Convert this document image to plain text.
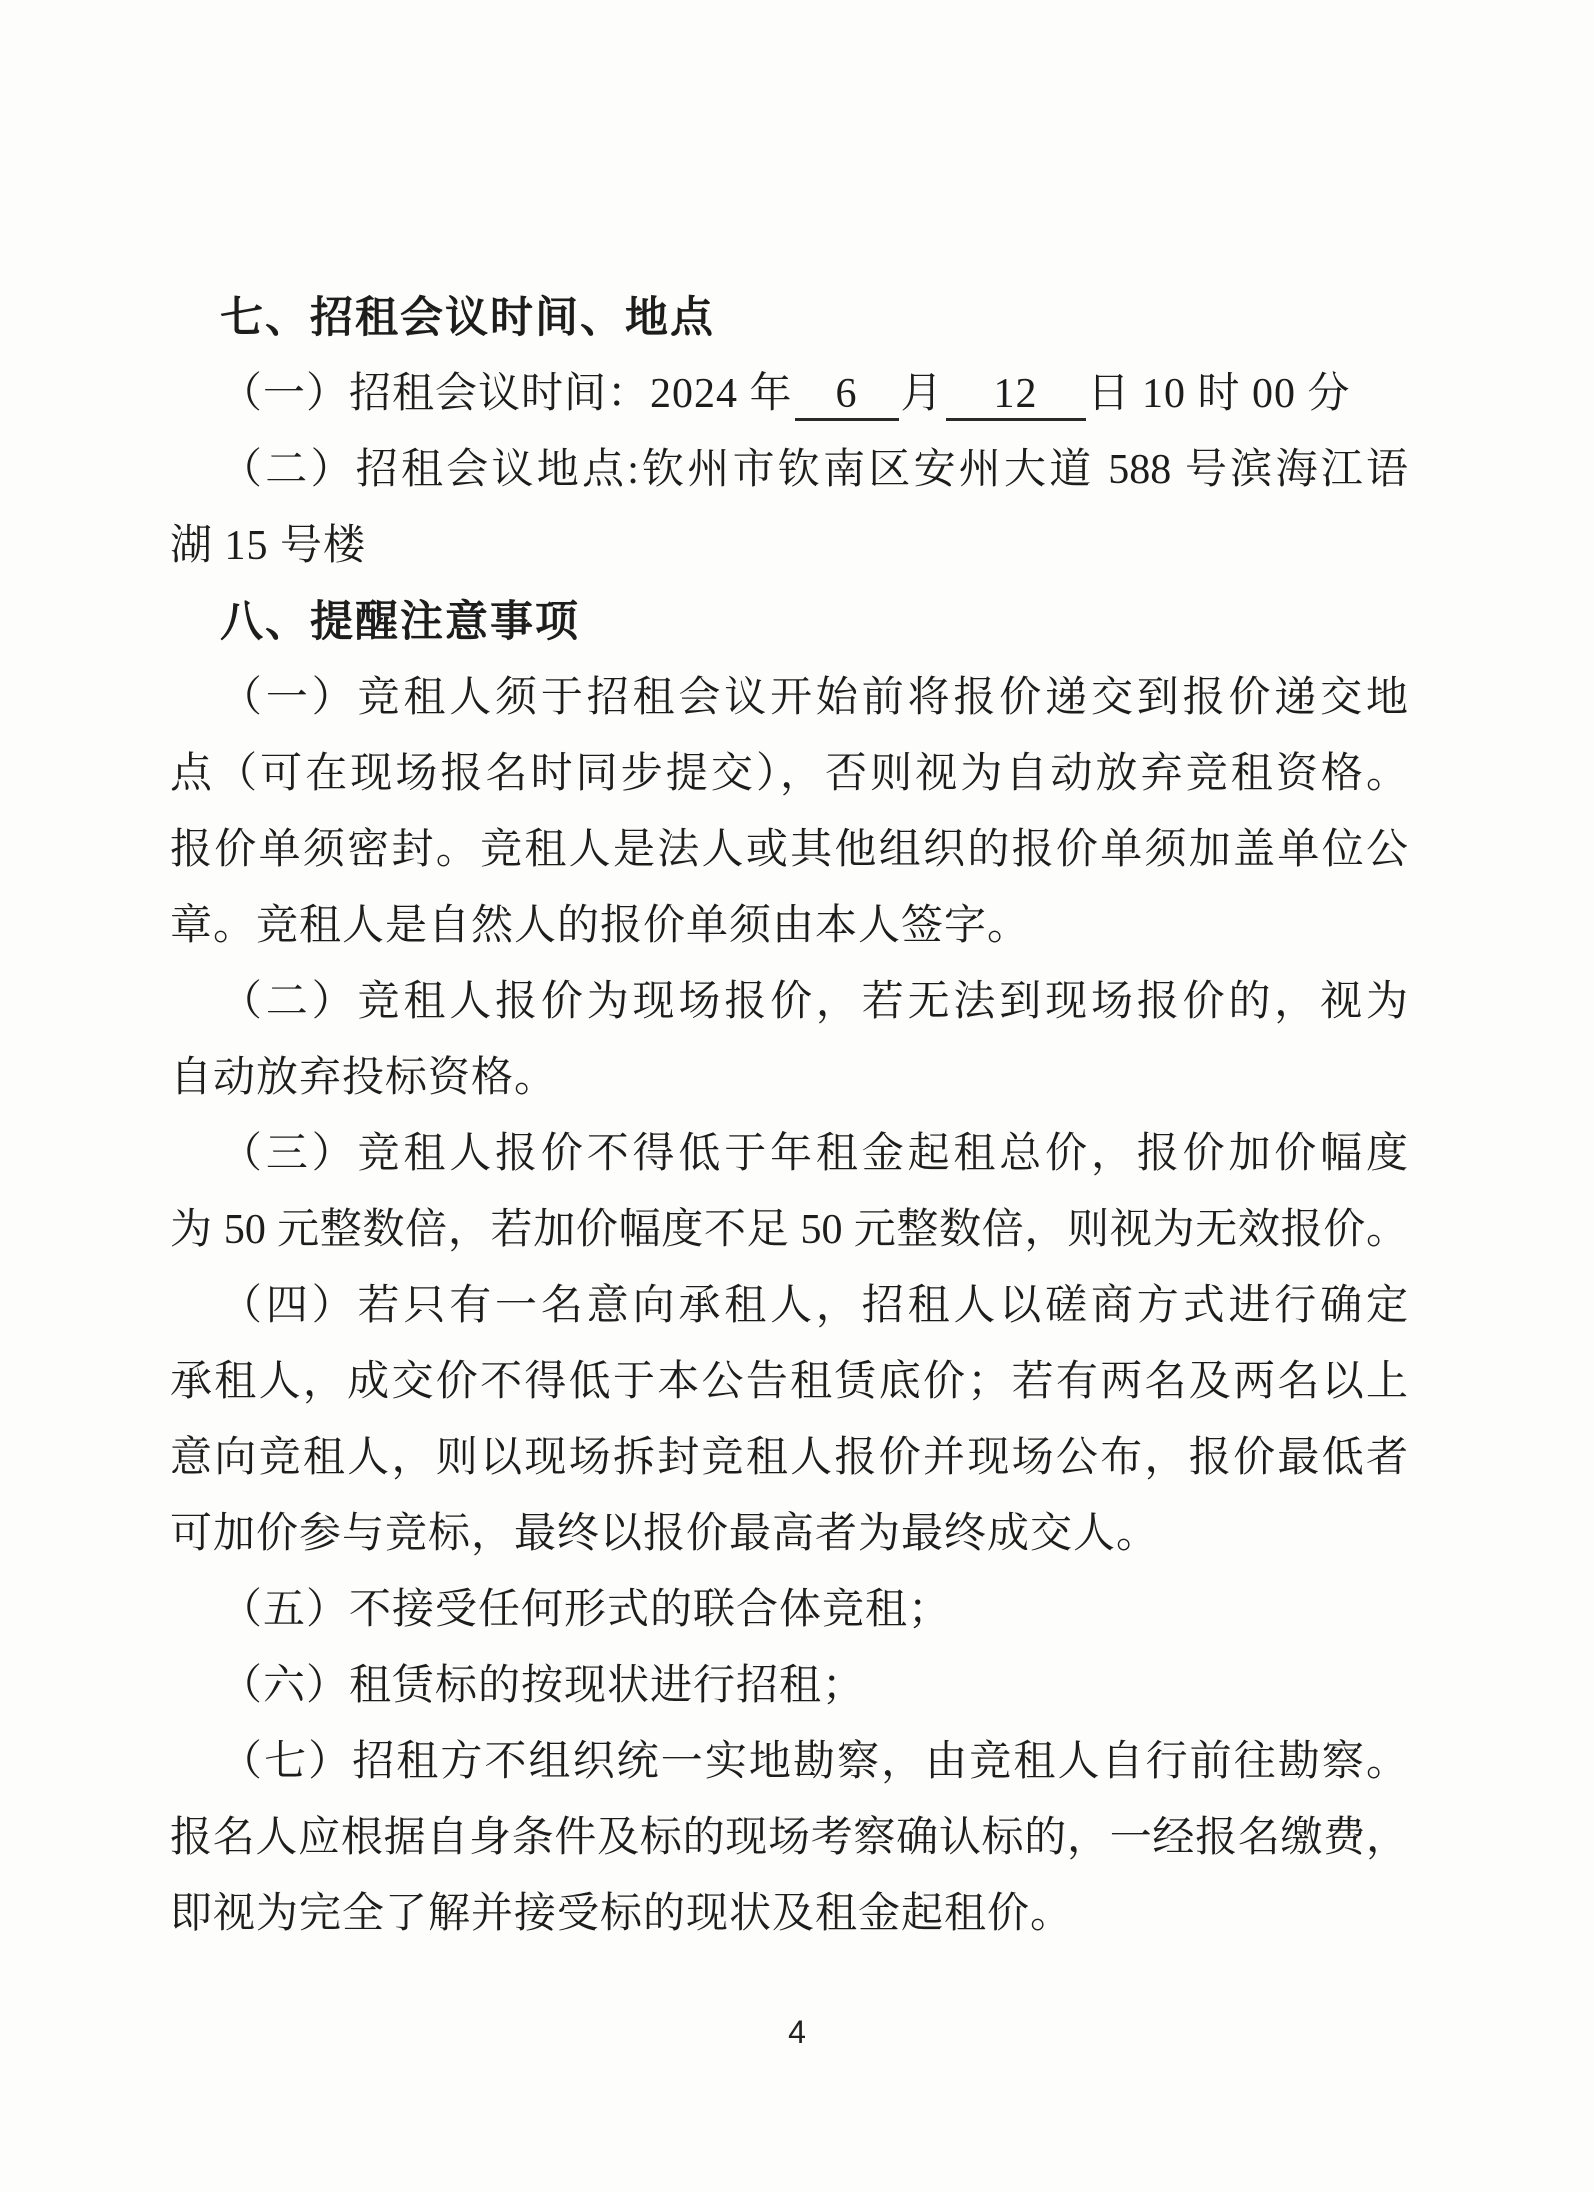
七、招租会议时间、地点
（一）招租会议时间：2024 年 6 月 12 日 10 时 00 分
（二）招租会议地点:钦州市钦南区安州大道 588 号滨海江语
湖 15 号楼
八、提醒注意事项
（一）竞租人须于招租会议开始前将报价递交到报价递交地
点（可在现场报名时同步提交），否则视为自动放弃竞租资格。
报价单须密封。竞租人是法人或其他组织的报价单须加盖单位公
章。竞租人是自然人的报价单须由本人签字。
（二）竞租人报价为现场报价，若无法到现场报价的，视为
自动放弃投标资格。
（三）竞租人报价不得低于年租金起租总价，报价加价幅度
为 50 元整数倍，若加价幅度不足 50 元整数倍，则视为无效报价。
（四）若只有一名意向承租人，招租人以磋商方式进行确定
承租人，成交价不得低于本公告租赁底价；若有两名及两名以上
意向竞租人，则以现场拆封竞租人报价并现场公布，报价最低者
可加价参与竞标，最终以报价最高者为最终成交人。
（五）不接受任何形式的联合体竞租；
（六）租赁标的按现状进行招租；
（七）招租方不组织统一实地勘察，由竞租人自行前往勘察。
报名人应根据自身条件及标的现场考察确认标的，一经报名缴费，
即视为完全了解并接受标的现状及租金起租价。
4
